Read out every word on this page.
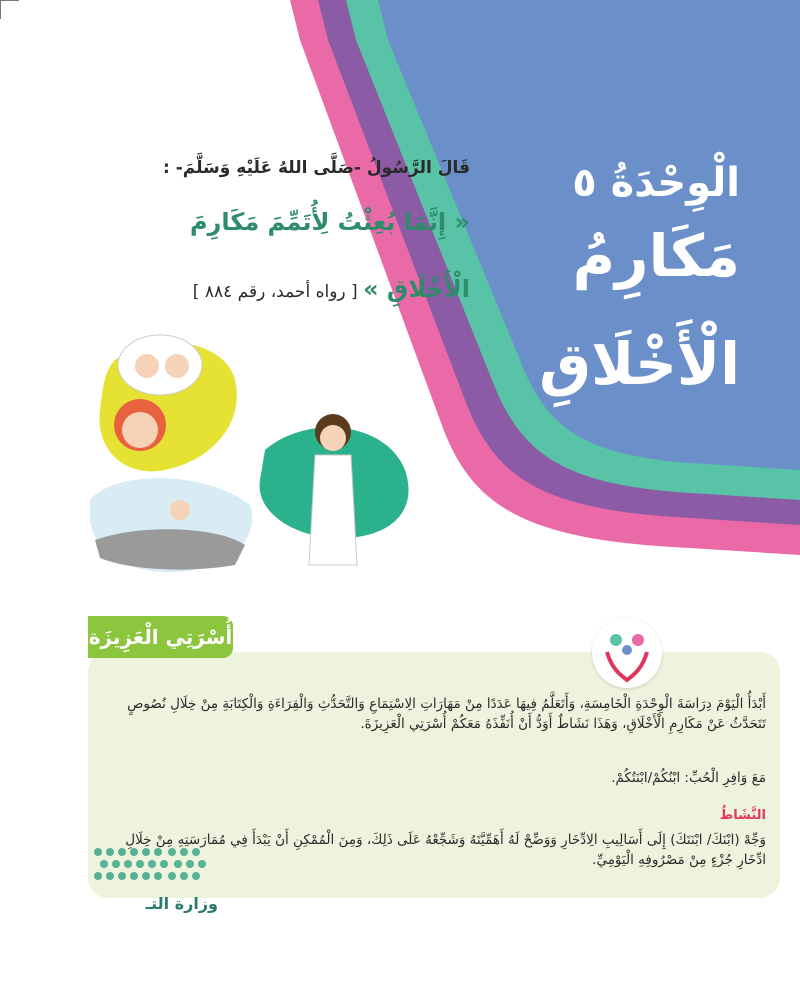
الْوِحْدَةُ ٥
مَكَارِمُ
الْأَخْلَاقِ
قَالَ الرَّسُولُ -صَلَّى اللهُ عَلَيْهِ وَسَلَّمَ- :
« إِنَّمَا بُعِثْتُ لِأُتَمِّمَ مَكَارِمَ
الْأَخْلَاقِ » [ رواه أحمد، رقم ٨٨٤ ]
أُسْرَتِي الْعَزِيزَة
أَبْدَأُ الْيَوْمَ دِرَاسَةَ الْوِحْدَةِ الْخَامِسَةِ، وَأَتَعَلَّمُ فِيهَا عَدَدًا مِنْ مَهَارَاتِ الِاسْتِمَاعِ وَالتَّحَدُّثِ وَالْقِرَاءَةِ وَالْكِتَابَةِ مِنْ خِلَالِ نُصُوصٍ تَتَحَدَّثُ عَنْ مَكَارِمِ الْأَخْلَاقِ، وَهَذَا نَشَاطٌ أَوَدُّ أَنْ أُنَفِّذَهُ مَعَكُمْ أُسْرَتِي الْعَزِيزَةَ.
مَعَ وَافِرِ الْحُبِّ: ابْنُكُمْ/ابْنَتُكُمْ.
النَّشَاطُ
وَجِّهْ (ابْنَكَ/ ابْنَتَكَ) إِلَى أَسَالِيبِ الِادِّخَارِ وَوَضِّحْ لَهُ أَهَمِّيَّتَهُ وَشَجِّعْهُ عَلَى ذَلِكَ، وَمِنَ الْمُمْكِنِ أَنْ يَبْدَأَ فِي مُمَارَسَتِهِ مِنْ خِلَالِ ادِّخَارِ جُزْءٍ مِنْ مَصْرُوفِهِ الْيَوْمِيِّ.
وزارة التـ
